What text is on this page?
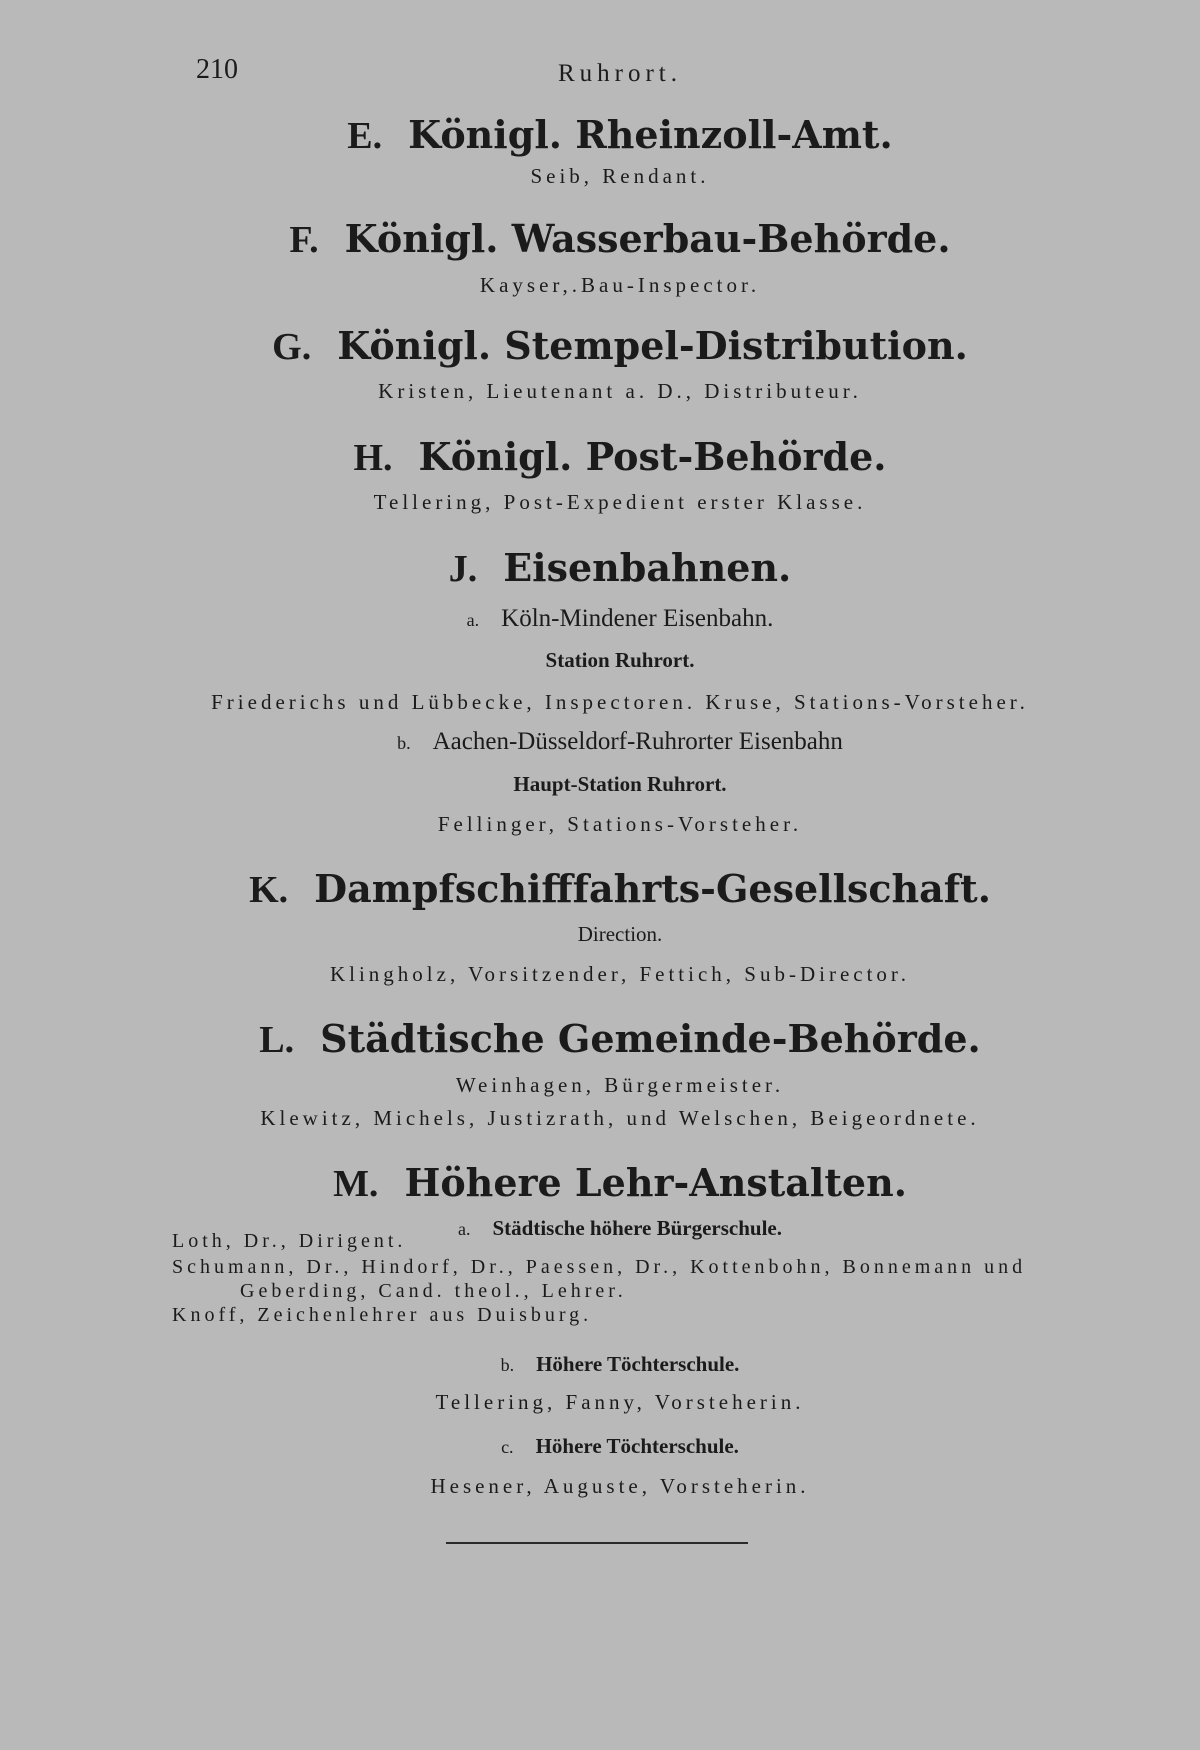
210	Ruhrort.
E. Königl. Rheinzoll-Amt.
Seib, Rendant.
F. Königl. Wasserbau-Behörde.
Kayser,.Bau-Inspector.
G. Königl. Stempel-Distribution.
Kristen, Lieutenant a. D., Distributeur.
H. Königl. Post-Behörde.
Tellering, Post-Expedient erster Klasse.
J. Eisenbahnen.
a. Köln-Mindener Eisenbahn.
Station Ruhrort.
Friederichs und Lübbecke, Inspectoren. Kruse, Stations-Vorsteher.
b. Aachen-Düsseldorf-Ruhrorter Eisenbahn
Haupt-Station Ruhrort.
Fellinger, Stations-Vorsteher.
K. Dampfschifffahrts-Gesellschaft.
Direction.
Klingholz, Vorsitzender, Fettich, Sub-Director.
L. Städtische Gemeinde-Behörde.
Weinhagen, Bürgermeister.
Klewitz, Michels, Justizrath, und Welschen, Beigeordnete.
M. Höhere Lehr-Anstalten.
a. Städtische höhere Bürgerschule.
Loth, Dr., Dirigent.
Schumann, Dr., Hindorf, Dr., Paessen, Dr., Kottenbohn, Bonnemann und
Geberding, Cand. theol., Lehrer.
Knoff, Zeichenlehrer aus Duisburg.
b. Höhere Töchterschule.
Tellering, Fanny, Vorsteherin.
c. Höhere Töchterschule.
Hesener, Auguste, Vorsteherin.
